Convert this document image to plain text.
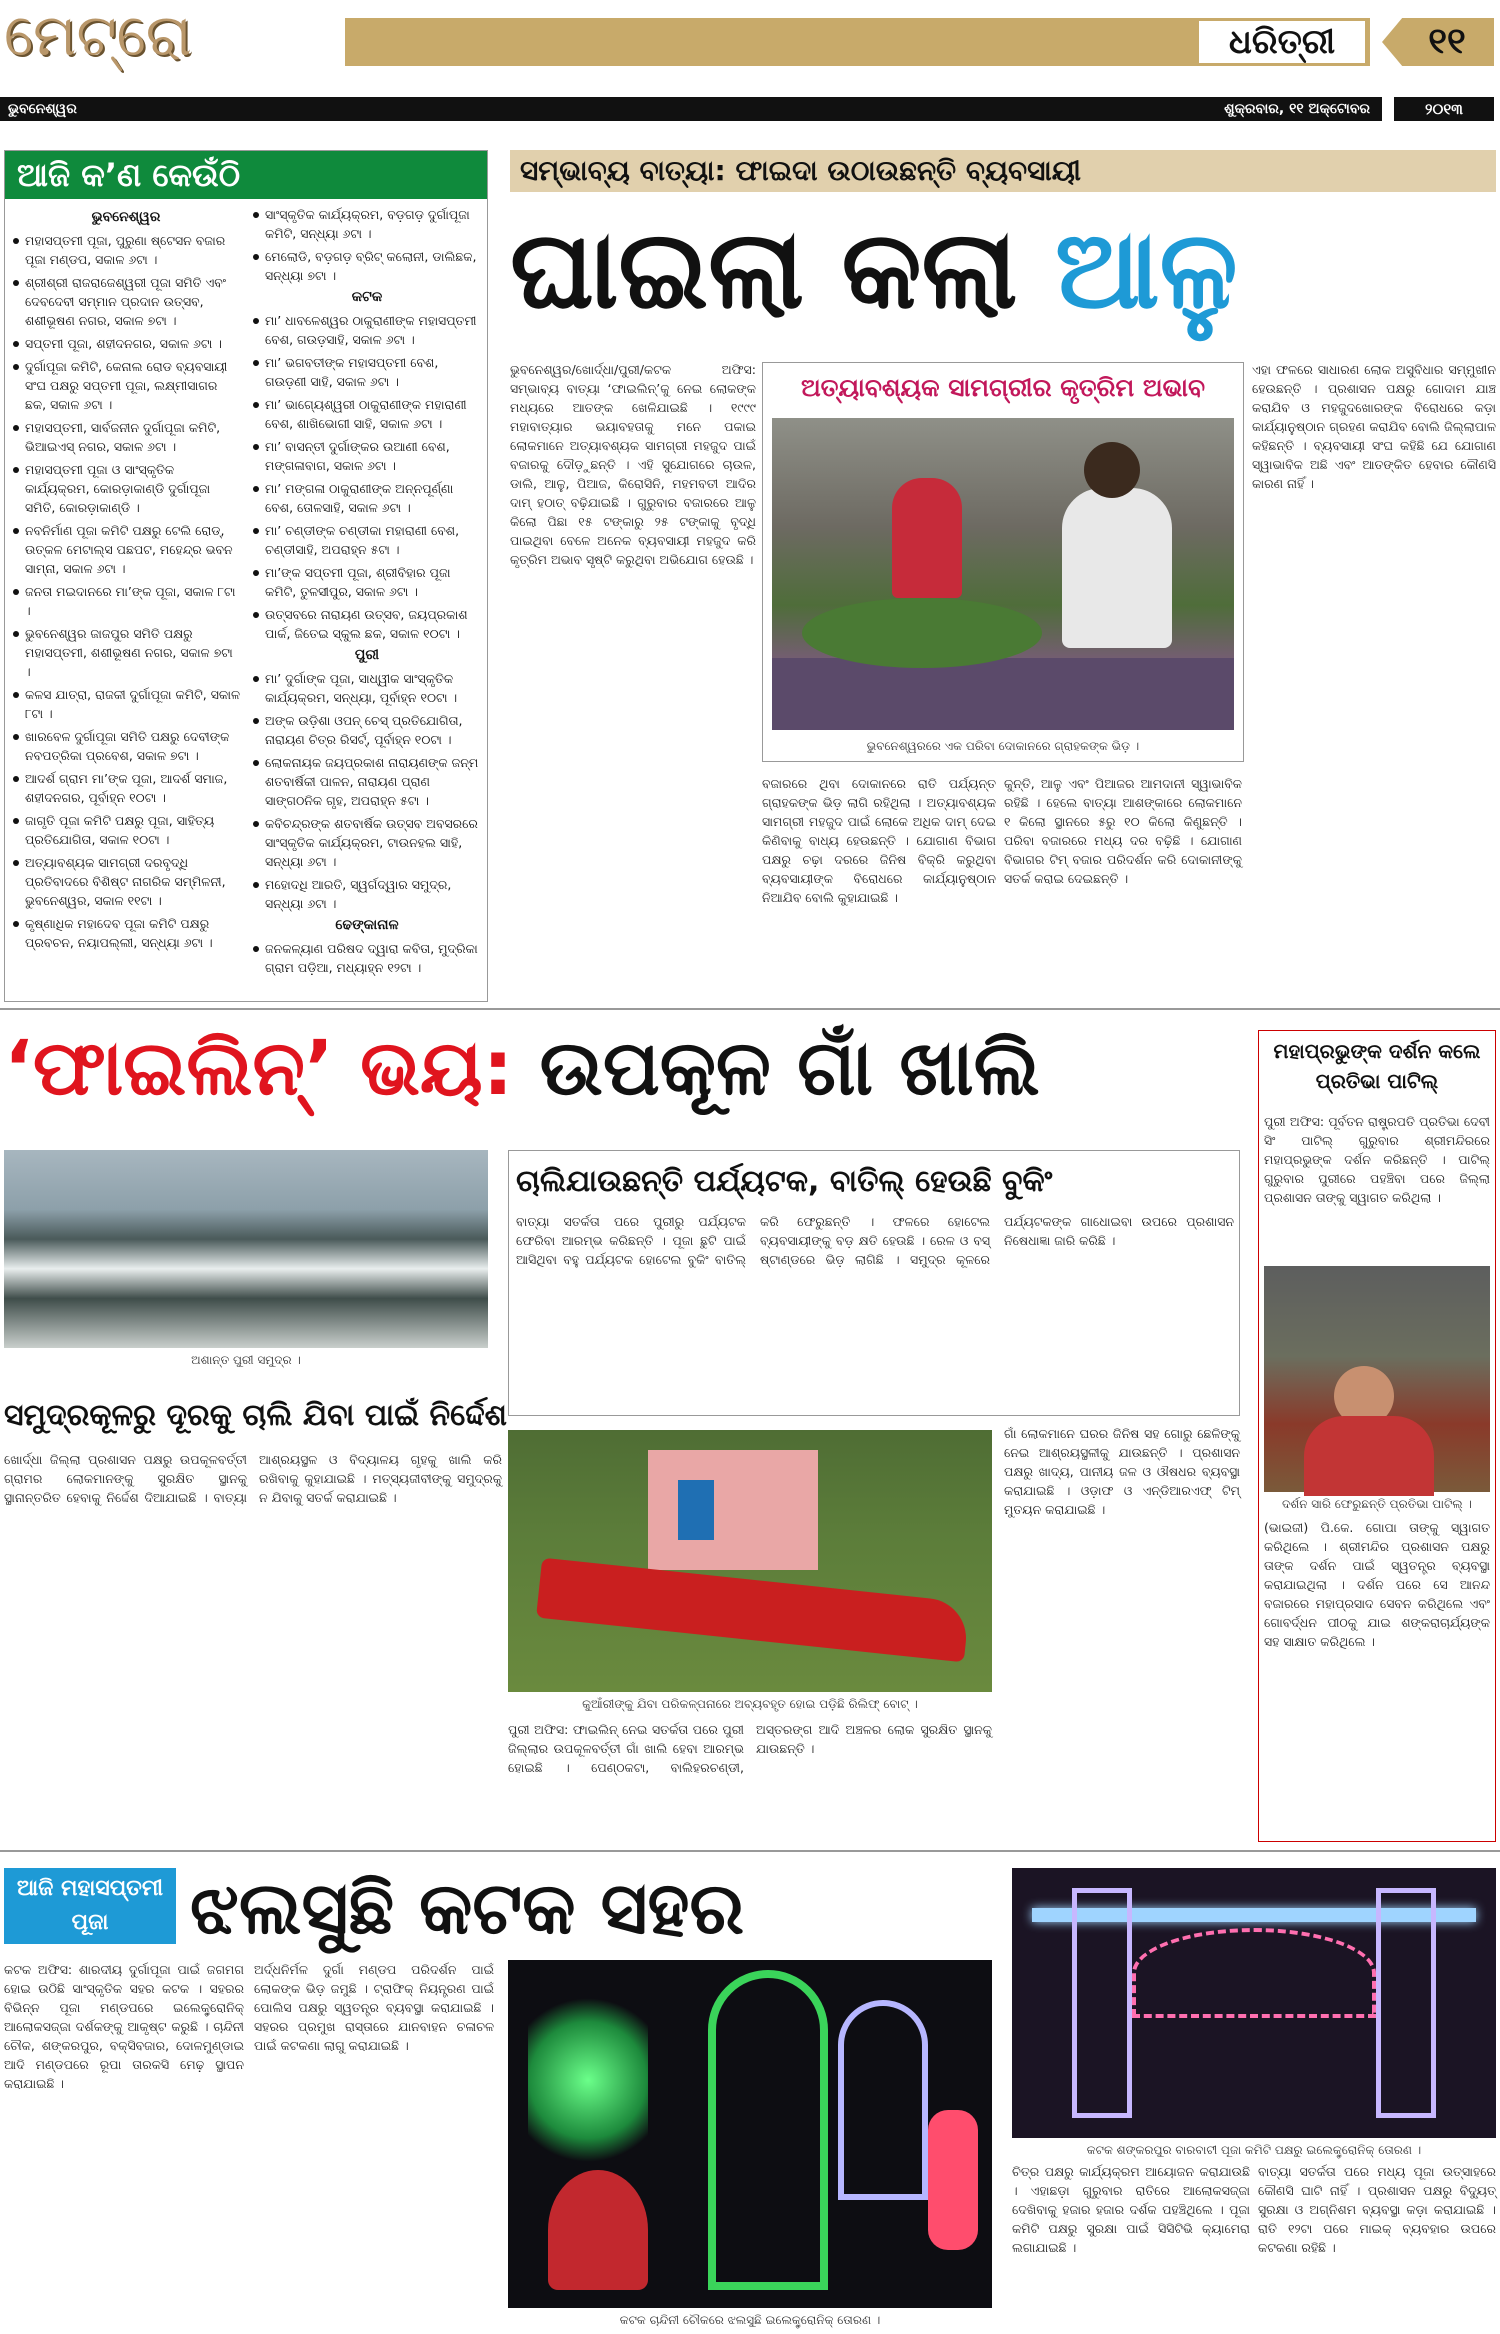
ମେଟ୍ରୋ	ଧରିତ୍ରୀ	୧୧
ଭୁବନେଶ୍ୱର	ଶୁକ୍ରବାର, ୧୧ ଅକ୍ଟୋବର	୨୦୧୩
ଆଜି କ’ଣ କେଉଁଠି
ଭୁବନେଶ୍ୱର
ମହାସପ୍ତମୀ ପୂଜା, ପୁରୁଣା ଷ୍ଟେସନ ବଜାର ପୂଜା ମଣ୍ଡପ, ସକାଳ ୬ଟା ।
ଶ୍ରୀଶ୍ରୀ ରାଜରାଜେଶ୍ୱରୀ ପୂଜା ସମିତି ଏବଂ ଦେବଦେବୀ ସମ୍ମାନ ପ୍ରଦାନ ଉତ୍ସବ, ଶଶୀଭୂଷଣ ନଗର, ସକାଳ ୭ଟା ।
ସପ୍ତମୀ ପୂଜା, ଶହୀଦନଗର, ସକାଳ ୬ଟା ।
ଦୁର୍ଗାପୂଜା କମିଟି, କେନାଲ ରୋଡ ବ୍ୟବସାୟୀ ସଂଘ ପକ୍ଷରୁ ସପ୍ତମୀ ପୂଜା, ଲକ୍ଷ୍ମୀସାଗର ଛକ, ସକାଳ ୬ଟା ।
ମହାସପ୍ତମୀ, ସାର୍ବଜନୀନ ଦୁର୍ଗାପୂଜା କମିଟି, ଭିଆଇଏସ୍ ନଗର, ସକାଳ ୬ଟା ।
ମହାସପ୍ତମୀ ପୂଜା ଓ ସାଂସ୍କୃତିକ କାର୍ଯ୍ୟକ୍ରମ, କୋରଡ଼ାକାଣ୍ଡି ଦୁର୍ଗାପୂଜା ସମିତି, କୋରଡ଼ାକାଣ୍ଡି ।
ନବନିର୍ମାଣ ପୂଜା କମିଟି ପକ୍ଷରୁ ଟେଲି ରୋଡ୍, ଉତ୍କଳ ମେଟାଲ୍ସ ପଛପଟ, ମହେନ୍ଦ୍ର ଭବନ ସାମ୍ନା, ସକାଳ ୬ଟା ।
ଜନତା ମଇଦାନରେ ମା’ଙ୍କ ପୂଜା, ସକାଳ ୮ଟା ।
ଭୁବନେଶ୍ୱର ଜାଜପୁର ସମିତି ପକ୍ଷରୁ ମହାସପ୍ତମୀ, ଶଶୀଭୂଷଣ ନଗର, ସକାଳ ୭ଟା ।
କଳସ ଯାତ୍ରା, ରାଜକୀ ଦୁର୍ଗାପୂଜା କମିଟି, ସକାଳ ୮ଟା ।
ଖାରବେଳ ଦୁର୍ଗାପୂଜା ସମିତି ପକ୍ଷରୁ ଦେବୀଙ୍କ ନବପତ୍ରିକା ପ୍ରବେଶ, ସକାଳ ୭ଟା ।
ଆଦର୍ଶ ଗ୍ରାମ ମା’ଙ୍କ ପୂଜା, ଆଦର୍ଶ ସମାଜ, ଶହୀଦନଗର, ପୂର୍ବାହ୍ନ ୧୦ଟା ।
ଜାଗୃତି ପୂଜା କମିଟି ପକ୍ଷରୁ ପୂଜା, ସାହିତ୍ୟ ପ୍ରତିଯୋଗିତା, ସକାଳ ୧୦ଟା ।
ଅତ୍ୟାବଶ୍ୟକ ସାମଗ୍ରୀ ଦରବୃଦ୍ଧି ପ୍ରତିବାଦରେ ବିଶିଷ୍ଟ ନାଗରିକ ସମ୍ମିଳନୀ, ଭୁବନେଶ୍ୱର, ସକାଳ ୧୧ଟା ।
କୃଷ୍ଣାଧିକ ମହାଦେବ ପୂଜା କମିଟି ପକ୍ଷରୁ ପ୍ରବଚନ, ନୟାପଲ୍ଲୀ, ସନ୍ଧ୍ୟା ୬ଟା ।
ସାଂସ୍କୃତିକ କାର୍ଯ୍ୟକ୍ରମ, ବଡ଼ଗଡ଼ ଦୁର୍ଗାପୂଜା କମିଟି, ସନ୍ଧ୍ୟା ୬ଟା ।
ମେଲୋଡି, ବଡ଼ଗଡ଼ ବ୍ରିଟ୍ କଲୋନୀ, ଡାଲିଛକ, ସନ୍ଧ୍ୟା ୭ଟା ।
କଟକ
ମା’ ଧାବଳେଶ୍ୱର ଠାକୁରାଣୀଙ୍କ ମହାସପ୍ତମୀ ବେଶ, ଗଉଡ଼ସାହି, ସକାଳ ୬ଟା ।
ମା’ ଭଗବତୀଙ୍କ ମହାସପ୍ତମୀ ବେଶ, ଗଉଡ଼ଣୀ ସାହି, ସକାଳ ୬ଟା ।
ମା’ ଭାଗ୍ୟେଶ୍ୱରୀ ଠାକୁରାଣୀଙ୍କ ମହାରାଣୀ ବେଶ, ଶାଖିଭୋଗୀ ସାହି, ସକାଳ ୬ଟା ।
ମା’ ବାସନ୍ତୀ ଦୁର୍ଗାଙ୍କର ଉଆଣୀ ବେଶ, ମଙ୍ଗଳାବାଗ, ସକାଳ ୬ଟା ।
ମା’ ମଙ୍ଗଳା ଠାକୁରାଣୀଙ୍କ ଅନ୍ନପୂର୍ଣ୍ଣା ବେଶ, ତୋଳସାହି, ସକାଳ ୬ଟା ।
ମା’ ଚଣ୍ଡୀଙ୍କ ଚଣ୍ଡୀକା ମହାରାଣୀ ବେଶ, ଚଣ୍ଡୀସାହି, ଅପରାହ୍ନ ୫ଟା ।
ମା’ଙ୍କ ସପ୍ତମୀ ପୂଜା, ଶ୍ରୀବିହାର ପୂଜା କମିଟି, ତୁଳସୀପୁର, ସକାଳ ୬ଟା ।
ଉତ୍ସବରେ ନାରାୟଣ ଉତ୍ସବ, ଜୟପ୍ରକାଶ ପାର୍କ, ଜିତେଇ ସ୍କୁଲ ଛକ, ସକାଳ ୧୦ଟା ।
ପୁରୀ
ମା’ ଦୁର୍ଗାଙ୍କ ପୂଜା, ସାଧ୍ୱୀକ ସାଂସ୍କୃତିକ କାର୍ଯ୍ୟକ୍ରମ, ସନ୍ଧ୍ୟା, ପୂର୍ବାହ୍ନ ୧୦ଟା ।
ଅଙ୍କ ଉଡ଼ିଶା ଓପନ୍ ଚେସ୍ ପ୍ରତିଯୋଗିତା, ନାରାୟଣ ଚିତ୍ର ରିସର୍ଟ୍, ପୂର୍ବାହ୍ନ ୧୦ଟା ।
ଲୋକନାୟକ ଜୟପ୍ରକାଶ ନାରାୟଣଙ୍କ ଜନ୍ମ ଶତବାର୍ଷିକୀ ପାଳନ, ନାରାୟଣ ପ୍ରାଣ ସାଙ୍ଗଠନିକ ଗୃହ, ଅପରାହ୍ନ ୫ଟା ।
କବିଚନ୍ଦ୍ରଙ୍କ ଶତବାର୍ଷିକ ଉତ୍ସବ ଅବସରରେ ସାଂସ୍କୃତିକ କାର୍ଯ୍ୟକ୍ରମ, ଟାଉନହଲ ସାହି, ସନ୍ଧ୍ୟା ୬ଟା ।
ମହୋଦଧି ଆରତି, ସ୍ୱର୍ଗଦ୍ୱାର ସମୁଦ୍ର, ସନ୍ଧ୍ୟା ୬ଟା ।
ଢେଙ୍କାନାଳ
ଜନକଳ୍ୟାଣ ପରିଷଦ ଦ୍ୱାରା କବିତା, ମୁଦ୍ରିକା ଗ୍ରାମ ପଡ଼ିଆ, ମଧ୍ୟାହ୍ନ ୧୨ଟା ।
ସମ୍ଭାବ୍ୟ ବାତ୍ୟା: ଫାଇଦା ଉଠାଉଛନ୍ତି ବ୍ୟବସାୟୀ
ଘାଇଲା କଲା ଆଳୁ
ଭୁବନେଶ୍ୱର/ଖୋର୍ଦ୍ଧା/ପୁରୀ/କଟକ ଅଫିସ: ସମ୍ଭାବ୍ୟ ବାତ୍ୟା ‘ଫାଇଲିନ୍’କୁ ନେଇ ଲୋକଙ୍କ ମଧ୍ୟରେ ଆତଙ୍କ ଖେଳିଯାଇଛି । ୧୯୯୯ ମହାବାତ୍ୟାର ଭୟାବହତାକୁ ମନେ ପକାଇ ଲୋକମାନେ ଅତ୍ୟାବଶ୍ୟକ ସାମଗ୍ରୀ ମହଜୁଦ ପାଇଁ ବଜାରକୁ ଦୌଡ଼ୁଛନ୍ତି । ଏହି ସୁଯୋଗରେ ଚାଉଳ, ଡାଲି, ଆଳୁ, ପିଆଜ, କିରୋସିନି, ମହମବତୀ ଆଦିର ଦାମ୍ ହଠାତ୍ ବଢ଼ିଯାଇଛି । ଗୁରୁବାର ବଜାରରେ ଆଳୁ କିଲୋ ପିଛା ୧୫ ଟଙ୍କାରୁ ୨୫ ଟଙ୍କାକୁ ବୃଦ୍ଧି ପାଇଥିବା ବେଳେ ଅନେକ ବ୍ୟବସାୟୀ ମହଜୁଦ କରି କୃତ୍ରିମ ଅଭାବ ସୃଷ୍ଟି କରୁଥିବା ଅଭିଯୋଗ ହେଉଛି ।
ଅତ୍ୟାବଶ୍ୟକ ସାମଗ୍ରୀର କୃତ୍ରିମ ଅଭାବ
ଭୁବନେଶ୍ୱରରେ ଏକ ପରିବା ଦୋକାନରେ ଗ୍ରାହକଙ୍କ ଭିଡ଼ ।
ବଜାରରେ ଥିବା ଦୋକାନରେ ରାତି ପର୍ଯ୍ୟନ୍ତ ଗ୍ରାହକଙ୍କ ଭିଡ଼ ଲାଗି ରହିଥିଲା । ଅତ୍ୟାବଶ୍ୟକ ସାମଗ୍ରୀ ମହଜୁଦ ପାଇଁ ଲୋକେ ଅଧିକ ଦାମ୍ ଦେଇ କିଣିବାକୁ ବାଧ୍ୟ ହେଉଛନ୍ତି । ଯୋଗାଣ ବିଭାଗ ପକ୍ଷରୁ ଚଢ଼ା ଦରରେ ଜିନିଷ ବିକ୍ରି କରୁଥିବା ବ୍ୟବସାୟୀଙ୍କ ବିରୋଧରେ କାର୍ଯ୍ୟାନୁଷ୍ଠାନ ନିଆଯିବ ବୋଲି କୁହାଯାଇଛି ।
କୁନ୍ତି, ଆଳୁ ଏବଂ ପିଆଜର ଆମଦାନୀ ସ୍ୱାଭାବିକ ରହିଛି । ହେଲେ ବାତ୍ୟା ଆଶଙ୍କାରେ ଲୋକମାନେ ୧ କିଲୋ ସ୍ଥାନରେ ୫ରୁ ୧୦ କିଲୋ କିଣୁଛନ୍ତି । ପରିବା ବଜାରରେ ମଧ୍ୟ ଦର ବଢ଼ିଛି । ଯୋଗାଣ ବିଭାଗର ଟିମ୍ ବଜାର ପରିଦର୍ଶନ କରି ଦୋକାନୀଙ୍କୁ ସତର୍କ କରାଇ ଦେଇଛନ୍ତି ।
ଏହା ଫଳରେ ସାଧାରଣ ଲୋକ ଅସୁବିଧାର ସମ୍ମୁଖୀନ ହେଉଛନ୍ତି । ପ୍ରଶାସନ ପକ୍ଷରୁ ଗୋଦାମ ଯାଞ୍ଚ କରାଯିବ ଓ ମହଜୁଦଖୋରଙ୍କ ବିରୋଧରେ କଡ଼ା କାର୍ଯ୍ୟାନୁଷ୍ଠାନ ଗ୍ରହଣ କରାଯିବ ବୋଲି ଜିଲ୍ଲାପାଳ କହିଛନ୍ତି । ବ୍ୟବସାୟୀ ସଂଘ କହିଛି ଯେ ଯୋଗାଣ ସ୍ୱାଭାବିକ ଅଛି ଏବଂ ଆତଙ୍କିତ ହେବାର କୌଣସି କାରଣ ନାହିଁ ।
‘ଫାଇଲିନ୍’ ଭୟ: ଉପକୂଳ ଗାଁ ଖାଲି
ଅଶାନ୍ତ ପୁରୀ ସମୁଦ୍ର ।
ଚାଲିଯାଉଛନ୍ତି ପର୍ଯ୍ୟଟକ, ବାତିଲ୍ ହେଉଛି ବୁକିଂ
ବାତ୍ୟା ସତର୍କତା ପରେ ପୁରୀରୁ ପର୍ଯ୍ୟଟକ ଫେରିବା ଆରମ୍ଭ କରିଛନ୍ତି । ପୂଜା ଛୁଟି ପାଇଁ ଆସିଥିବା ବହୁ ପର୍ଯ୍ୟଟକ ହୋଟେଲ ବୁକିଂ ବାତିଲ୍ କରି ଫେରୁଛନ୍ତି । ଫଳରେ ହୋଟେଲ ବ୍ୟବସାୟୀଙ୍କୁ ବଡ଼ କ୍ଷତି ହେଉଛି । ରେଳ ଓ ବସ୍ ଷ୍ଟାଣ୍ଡରେ ଭିଡ଼ ଲାଗିଛି । ସମୁଦ୍ର କୂଳରେ ପର୍ଯ୍ୟଟକଙ୍କ ଗାଧୋଇବା ଉପରେ ପ୍ରଶାସନ ନିଷେଧାଜ୍ଞା ଜାରି କରିଛି ।
ସମୁଦ୍ରକୂଳରୁ ଦୂରକୁ ଚାଲି ଯିବା ପାଇଁ ନିର୍ଦ୍ଦେଶ
ଖୋର୍ଦ୍ଧା ଜିଲ୍ଲା ପ୍ରଶାସନ ପକ୍ଷରୁ ଉପକୂଳବର୍ତ୍ତୀ ଗ୍ରାମର ଲୋକମାନଙ୍କୁ ସୁରକ୍ଷିତ ସ୍ଥାନକୁ ସ୍ଥାନାନ୍ତରିତ ହେବାକୁ ନିର୍ଦ୍ଦେଶ ଦିଆଯାଇଛି । ବାତ୍ୟା ଆଶ୍ରୟସ୍ଥଳ ଓ ବିଦ୍ୟାଳୟ ଗୃହକୁ ଖାଲି କରି ରଖିବାକୁ କୁହାଯାଇଛି । ମତ୍ସ୍ୟଜୀବୀଙ୍କୁ ସମୁଦ୍ରକୁ ନ ଯିବାକୁ ସତର୍କ କରାଯାଇଛି ।
କୁଆଁରୀଙ୍କୁ ଯିବା ପରିକଳ୍ପନାରେ ଅବ୍ୟବହୃତ ହୋଇ ପଡ଼ିଛି ରିଲିଫ୍ ବୋଟ୍ ।
ପୁରୀ ଅଫିସ: ଫାଇଲିନ୍ ନେଇ ସତର୍କତା ପରେ ପୁରୀ ଜିଲ୍ଲାର ଉପକୂଳବର୍ତ୍ତୀ ଗାଁ ଖାଲି ହେବା ଆରମ୍ଭ ହୋଇଛି । ପେଣ୍ଠକଟା, ବାଲିହରଚଣ୍ଡୀ, ଅସ୍ତରଙ୍ଗ ଆଦି ଅଞ୍ଚଳର ଲୋକ ସୁରକ୍ଷିତ ସ୍ଥାନକୁ ଯାଉଛନ୍ତି ।
ଗାଁ ଲୋକମାନେ ଘରର ଜିନିଷ ସହ ଗୋରୁ ଛେଳିଙ୍କୁ ନେଇ ଆଶ୍ରୟସ୍ଥଳୀକୁ ଯାଉଛନ୍ତି । ପ୍ରଶାସନ ପକ୍ଷରୁ ଖାଦ୍ୟ, ପାନୀୟ ଜଳ ଓ ଔଷଧର ବ୍ୟବସ୍ଥା କରାଯାଇଛି । ଓଡ଼ାଫ ଓ ଏନ୍‌ଡିଆରଏଫ୍ ଟିମ୍ ମୁତୟନ କରାଯାଇଛି ।
ମହାପ୍ରଭୁଙ୍କ ଦର୍ଶନ କଲେ ପ୍ରତିଭା ପାଟିଲ୍
ପୁରୀ ଅଫିସ: ପୂର୍ବତନ ରାଷ୍ଟ୍ରପତି ପ୍ରତିଭା ଦେବୀ ସିଂ ପାଟିଲ୍ ଗୁରୁବାର ଶ୍ରୀମନ୍ଦିରରେ ମହାପ୍ରଭୁଙ୍କ ଦର୍ଶନ କରିଛନ୍ତି । ପାଟିଲ୍ ଗୁରୁବାର ପୁରୀରେ ପହଞ୍ଚିବା ପରେ ଜିଲ୍ଲା ପ୍ରଶାସନ ତାଙ୍କୁ ସ୍ୱାଗତ କରିଥିଲା ।
ଦର୍ଶନ ସାରି ଫେରୁଛନ୍ତି ପ୍ରତିଭା ପାଟିଲ୍ ।
(ଭାଇଜୀ) ପି.କେ. ଗୋପା ତାଙ୍କୁ ସ୍ୱାଗତ କରିଥିଲେ । ଶ୍ରୀମନ୍ଦିର ପ୍ରଶାସନ ପକ୍ଷରୁ ତାଙ୍କ ଦର୍ଶନ ପାଇଁ ସ୍ୱତନ୍ତ୍ର ବ୍ୟବସ୍ଥା କରାଯାଇଥିଲା । ଦର୍ଶନ ପରେ ସେ ଆନନ୍ଦ ବଜାରରେ ମହାପ୍ରସାଦ ସେବନ କରିଥିଲେ ଏବଂ ଗୋବର୍ଦ୍ଧନ ପୀଠକୁ ଯାଇ ଶଙ୍କରାଚାର୍ଯ୍ୟଙ୍କ ସହ ସାକ୍ଷାତ କରିଥିଲେ ।
ଆଜି ମହାସପ୍ତମୀ
ପୂଜା	ଝଲସୁଛି କଟକ ସହର
କଟକ ଶଙ୍କରପୁର ବାରବାଟୀ ପୂଜା କମିଟି ପକ୍ଷରୁ ଇଲେକ୍ଟ୍ରୋନିକ୍ ତୋରଣ ।
କଟକ ଅଫିସ: ଶାରଦୀୟ ଦୁର୍ଗାପୂଜା ପାଇଁ ଜଗମଗ ହୋଇ ଉଠିଛି ସାଂସ୍କୃତିକ ସହର କଟକ । ସହରର ବିଭିନ୍ନ ପୂଜା ମଣ୍ଡପରେ ଇଲେକ୍ଟ୍ରୋନିକ୍ ଆଲୋକସଜ୍ଜା ଦର୍ଶକଙ୍କୁ ଆକୃଷ୍ଟ କରୁଛି । ଚାନ୍ଦିନୀ ଚୌକ, ଶଙ୍କରପୁର, ବକ୍ସିବଜାର, ଦୋଳମୁଣ୍ଡାଇ ଆଦି ମଣ୍ଡପରେ ରୂପା ତାରକସି ମେଢ଼ ସ୍ଥାପନ କରାଯାଇଛି ।
ଅର୍ଦ୍ଧନିର୍ମଳ ଦୁର୍ଗା ମଣ୍ଡପ ପରିଦର୍ଶନ ପାଇଁ ଲୋକଙ୍କ ଭିଡ଼ ଜମୁଛି । ଟ୍ରାଫିକ୍ ନିୟନ୍ତ୍ରଣ ପାଇଁ ପୋଲିସ ପକ୍ଷରୁ ସ୍ୱତନ୍ତ୍ର ବ୍ୟବସ୍ଥା କରାଯାଇଛି । ସହରର ପ୍ରମୁଖ ରାସ୍ତାରେ ଯାନବାହନ ଚଳାଚଳ ପାଇଁ କଟକଣା ଲାଗୁ କରାଯାଇଛି ।
କଟକ ଚାନ୍ଦିନୀ ଚୌକରେ ଝଲସୁଛି ଇଲେକ୍ଟ୍ରୋନିକ୍ ତୋରଣ ।
ଚିତ୍ର ପକ୍ଷରୁ କାର୍ଯ୍ୟକ୍ରମ ଆୟୋଜନ କରାଯାଉଛି । ଏହାଛଡ଼ା ଗୁରୁବାର ରାତିରେ ଆଲୋକସଜ୍ଜା ଦେଖିବାକୁ ହଜାର ହଜାର ଦର୍ଶକ ପହଞ୍ଚିଥିଲେ । ପୂଜା କମିଟି ପକ୍ଷରୁ ସୁରକ୍ଷା ପାଇଁ ସିସିଟିଭି କ୍ୟାମେରା ଲଗାଯାଇଛି ।
ବାତ୍ୟା ସତର୍କତା ପରେ ମଧ୍ୟ ପୂଜା ଉତ୍ସାହରେ କୌଣସି ଘାଟି ନାହିଁ । ପ୍ରଶାସନ ପକ୍ଷରୁ ବିଦ୍ୟୁତ୍ ସୁରକ୍ଷା ଓ ଅଗ୍ନିଶମ ବ୍ୟବସ୍ଥା କଡ଼ା କରାଯାଇଛି । ରାତି ୧୨ଟା ପରେ ମାଇକ୍ ବ୍ୟବହାର ଉପରେ କଟକଣା ରହିଛି ।
